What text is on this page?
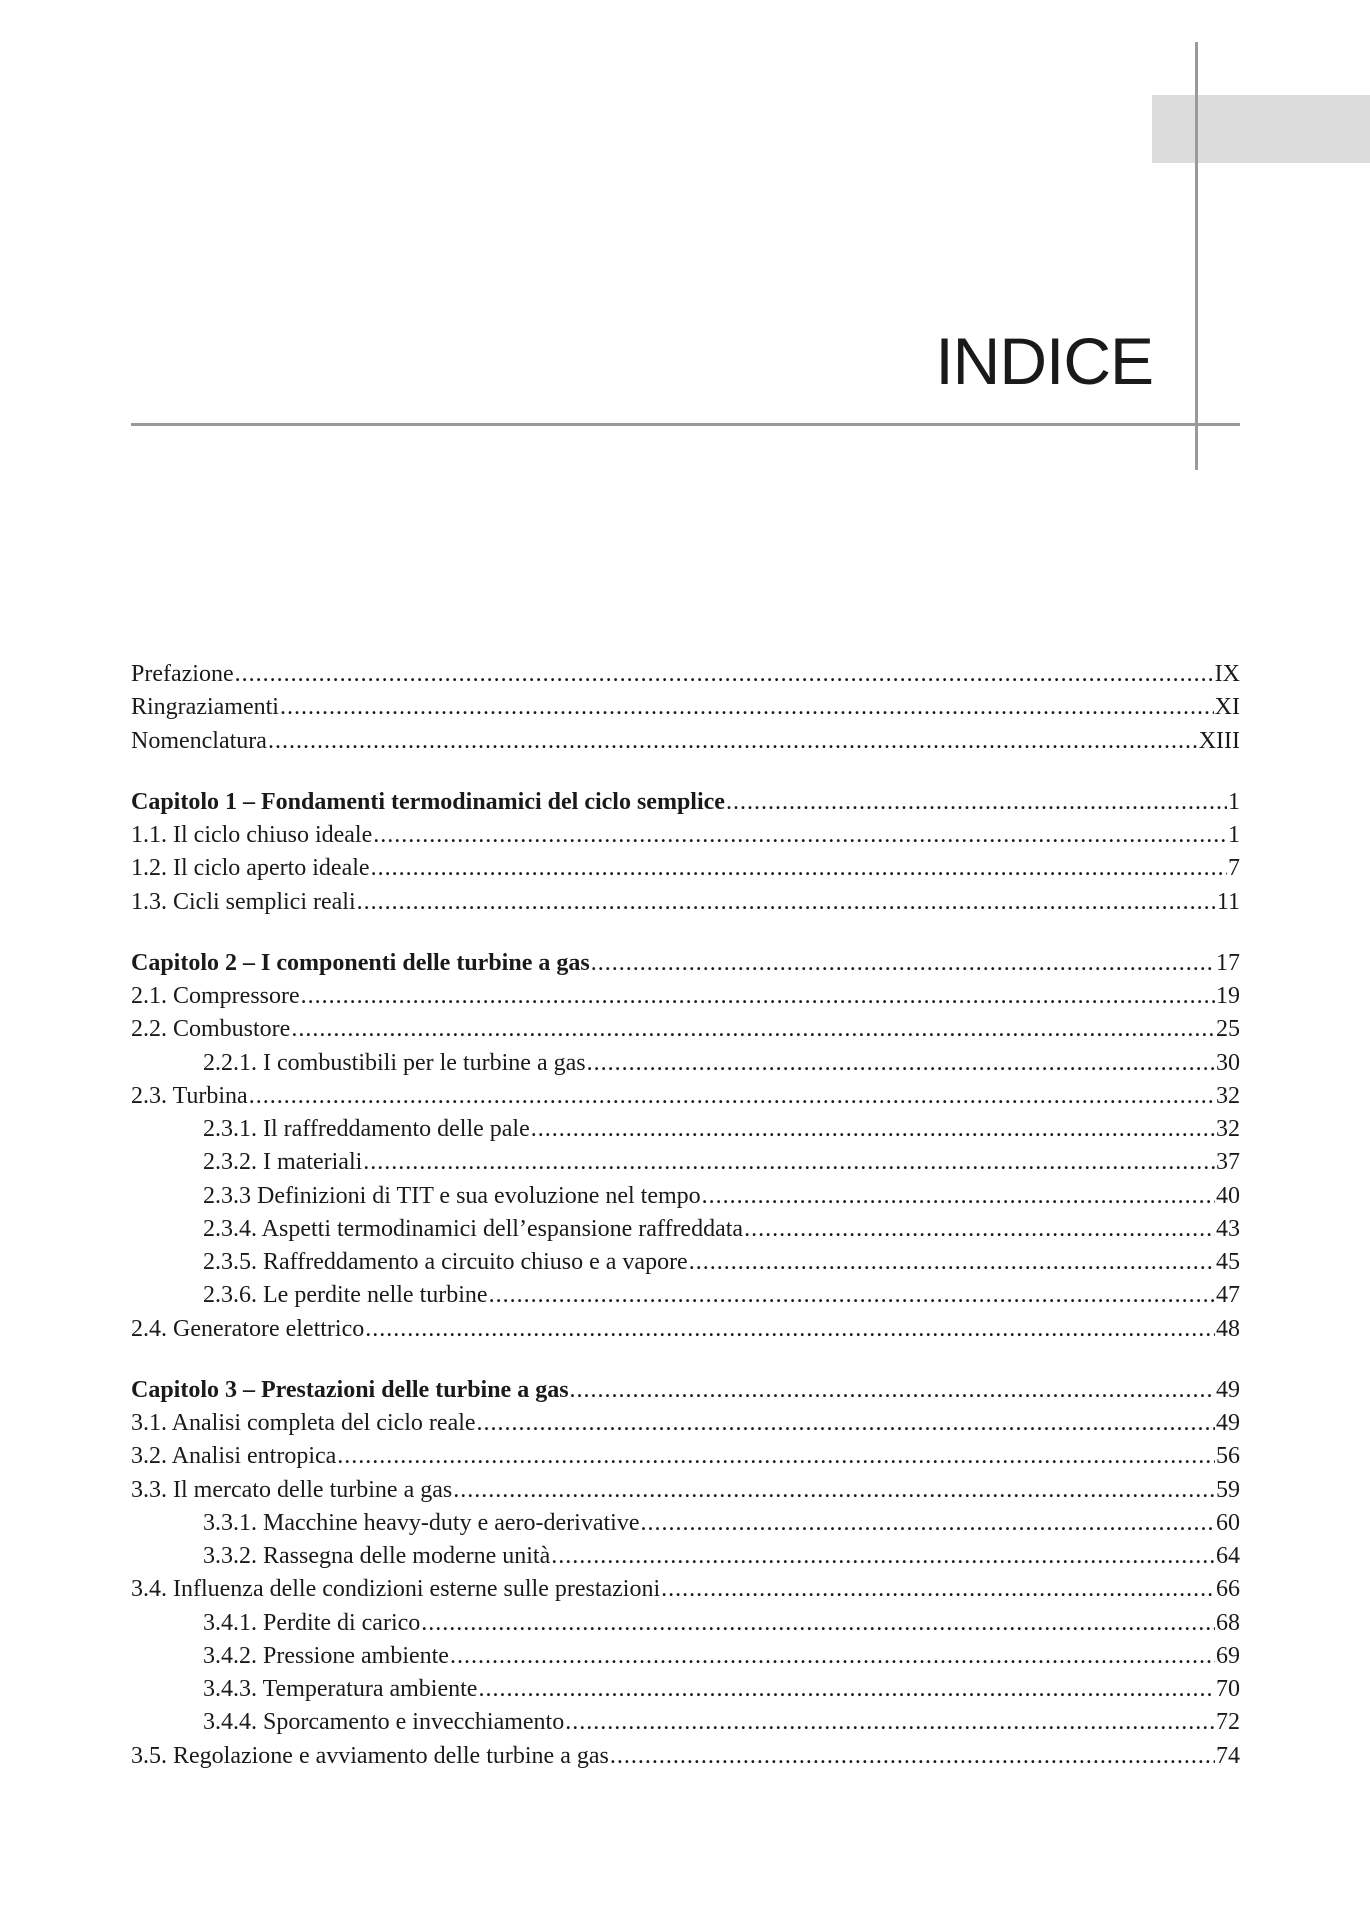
INDICE
Prefazione .....	IX
Ringraziamenti .....	XI
Nomenclatura .....	XIII
Capitolo 1 – Fondamenti termodinamici del ciclo semplice .....	1
1.1. Il ciclo chiuso ideale .....	1
1.2. Il ciclo aperto ideale .....	7
1.3. Cicli semplici reali .....	11
Capitolo 2 – I componenti delle turbine a gas .....	17
2.1. Compressore .....	19
2.2. Combustore .....	25
2.2.1. I combustibili per le turbine a gas .....	30
2.3. Turbina .....	32
2.3.1. Il raffreddamento delle pale .....	32
2.3.2. I materiali .....	37
2.3.3 Definizioni di TIT e sua evoluzione nel tempo .....	40
2.3.4. Aspetti termodinamici dell’espansione raffreddata .....	43
2.3.5. Raffreddamento a circuito chiuso e a vapore .....	45
2.3.6. Le perdite nelle turbine .....	47
2.4. Generatore elettrico .....	48
Capitolo 3 – Prestazioni delle turbine a gas .....	49
3.1. Analisi completa del ciclo reale .....	49
3.2. Analisi entropica .....	56
3.3. Il mercato delle turbine a gas .....	59
3.3.1. Macchine heavy-duty e aero-derivative .....	60
3.3.2. Rassegna delle moderne unità .....	64
3.4. Influenza delle condizioni esterne sulle prestazioni .....	66
3.4.1. Perdite di carico .....	68
3.4.2. Pressione ambiente .....	69
3.4.3. Temperatura ambiente .....	70
3.4.4. Sporcamento e invecchiamento .....	72
3.5. Regolazione e avviamento delle turbine a gas .....	74
